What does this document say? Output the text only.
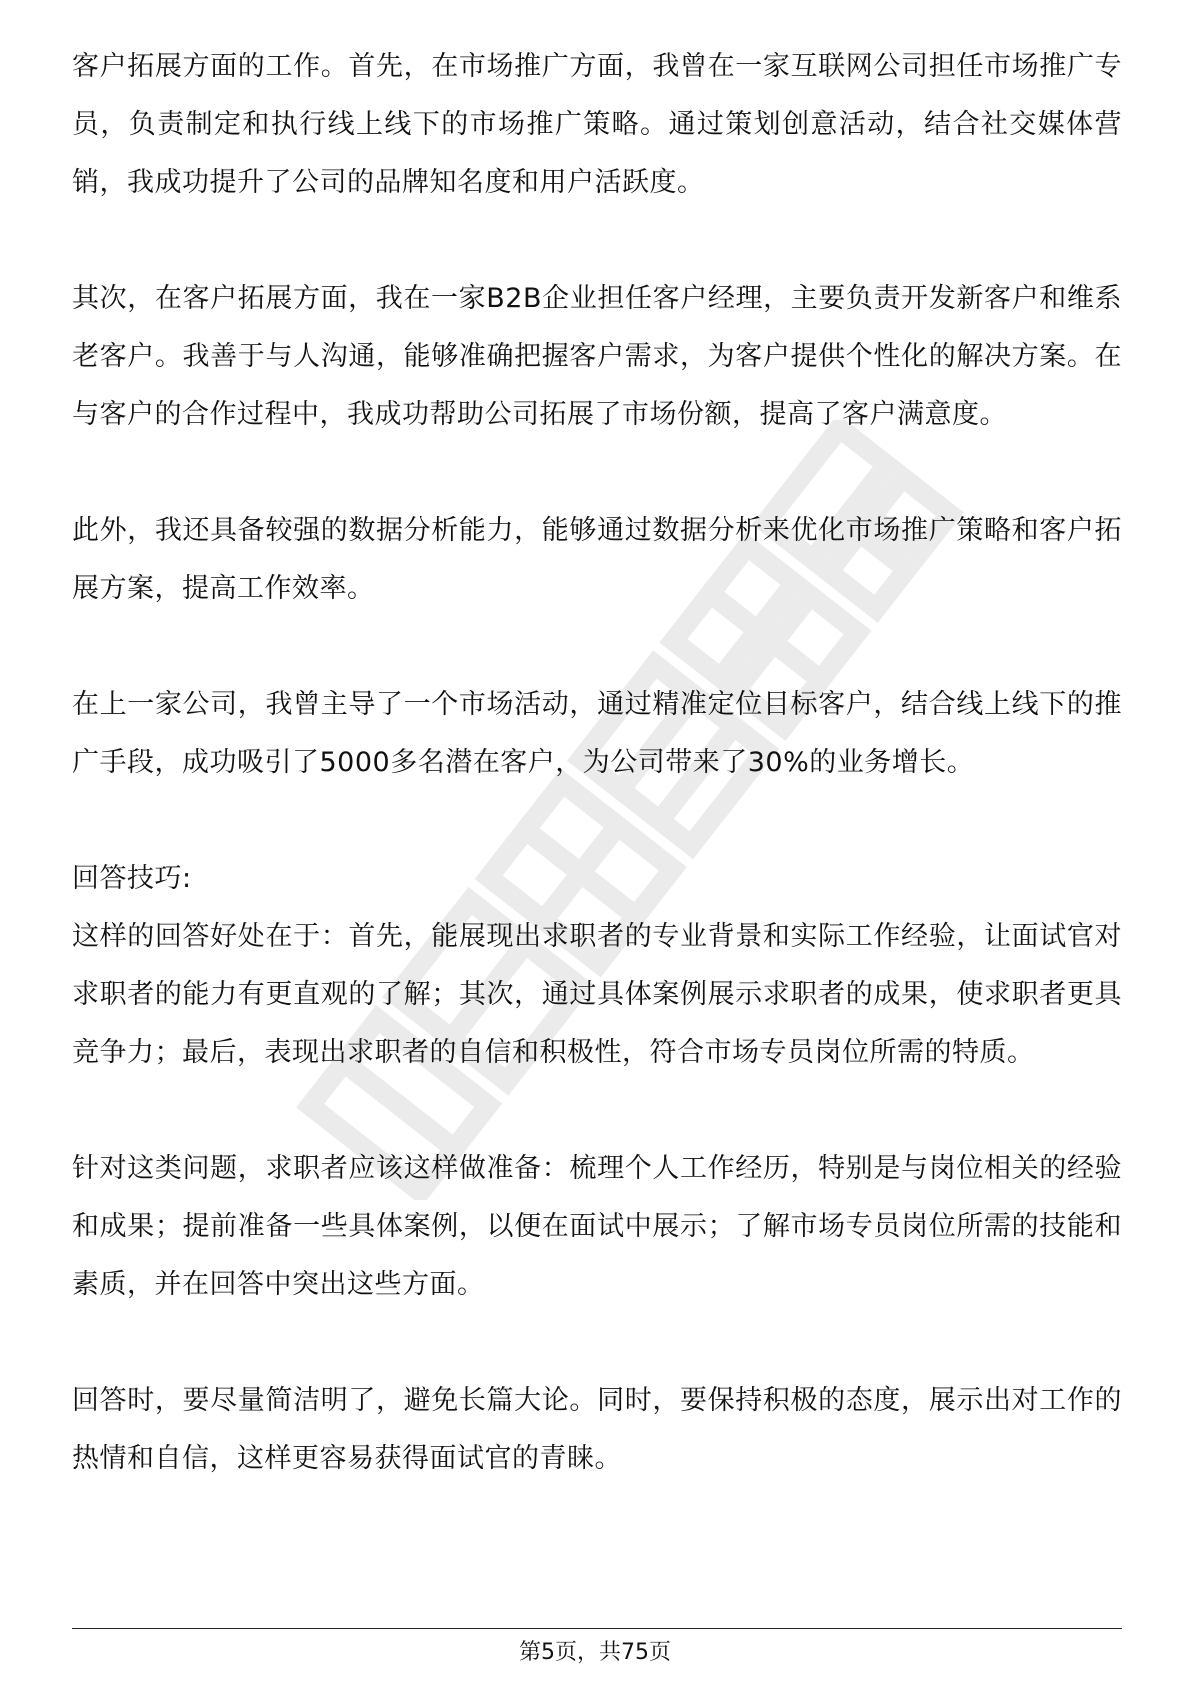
客户拓展方面的工作。首先，在市场推广方面，我曾在一家互联网公司担任市场推广专员，负责制定和执行线上线下的市场推广策略。通过策划创意活动，结合社交媒体营销，我成功提升了公司的品牌知名度和用户活跃度。

其次，在客户拓展方面，我在一家B2B企业担任客户经理，主要负责开发新客户和维系老客户。我善于与人沟通，能够准确把握客户需求，为客户提供个性化的解决方案。在与客户的合作过程中，我成功帮助公司拓展了市场份额，提高了客户满意度。

此外，我还具备较强的数据分析能力，能够通过数据分析来优化市场推广策略和客户拓展方案，提高工作效率。

在上一家公司，我曾主导了一个市场活动，通过精准定位目标客户，结合线上线下的推广手段，成功吸引了5000多名潜在客户，为公司带来了30%的业务增长。

回答技巧:

这样的回答好处在于：首先，能展现出求职者的专业背景和实际工作经验，让面试官对求职者的能力有更直观的了解；其次，通过具体案例展示求职者的成果，使求职者更具竞争力；最后，表现出求职者的自信和积极性，符合市场专员岗位所需的特质。

针对这类问题，求职者应该这样做准备：梳理个人工作经历，特别是与岗位相关的经验和成果；提前准备一些具体案例，以便在面试中展示；了解市场专员岗位所需的技能和素质，并在回答中突出这些方面。

回答时，要尽量简洁明了，避免长篇大论。同时，要保持积极的态度，展示出对工作的热情和自信，这样更容易获得面试官的青睐。

第5页，共75页
